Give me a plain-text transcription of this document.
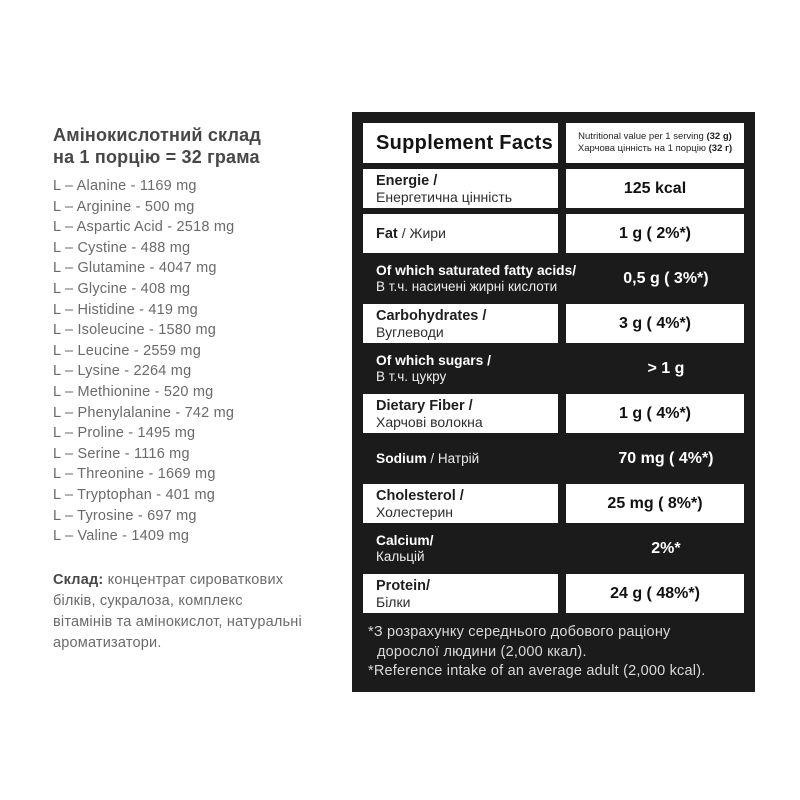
Амінокислотний склад
на 1 порцію = 32 грама
L – Alanine - 1169 mg
L – Arginine - 500 mg
L – Aspartic Acid - 2518 mg
L – Cystine - 488 mg
L – Glutamine - 4047 mg
L – Glycine - 408 mg
L – Histidine - 419 mg
L – Isoleucine - 1580 mg
L – Leucine - 2559 mg
L – Lysine - 2264 mg
L – Methionine - 520 mg
L – Phenylalanine - 742 mg
L – Proline - 1495 mg
L – Serine - 1116 mg
L – Threonine - 1669 mg
L – Tryptophan - 401 mg
L – Tyrosine - 697 mg
L – Valine - 1409 mg
Склад: концентрат сироваткових
білків, сукралоза, комплекс
вітамінів та амінокислот, натуральні
ароматизатори.
Supplement Facts	Nutritional value per 1 serving (32 g)
Харчова цінність на 1 порцію (32 г)
Energie /
Енергетична цінність	125 kcal
Fat / Жири	1 g ( 2%*)
Of which saturated fatty acids/
В т.ч. насичені жирні кислоти	0,5 g ( 3%*)
Carbohydrates /
Вуглеводи	3 g ( 4%*)
Of which sugars /
В т.ч. цукру	> 1 g
Dietary Fiber /
Харчові волокна	1 g ( 4%*)
Sodium / Натрій	70 mg ( 4%*)
Cholesterol /
Холестерин	25 mg ( 8%*)
Calcium/
Кальцій	2%*
Protein/
Білки	24 g ( 48%*)
*З розрахунку середнього добового раціону
дорослої людини (2,000 ккал).
*Reference intake of an average adult (2,000 kcal).
